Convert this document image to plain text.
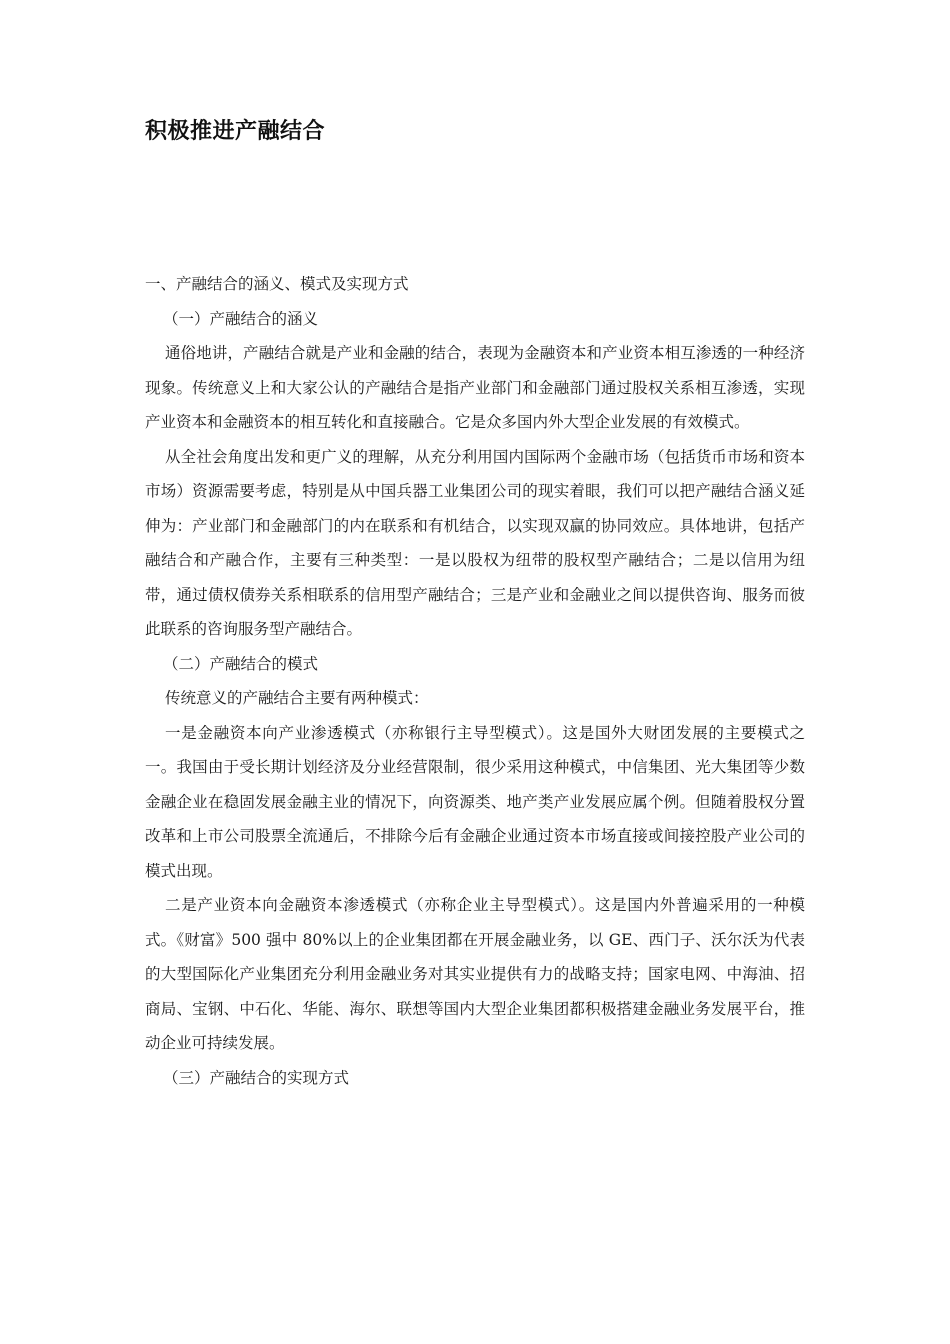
积极推进产融结合

一、产融结合的涵义、模式及实现方式

（一）产融结合的涵义

通俗地讲，产融结合就是产业和金融的结合，表现为金融资本和产业资本相互渗透的一种经济现象。传统意义上和大家公认的产融结合是指产业部门和金融部门通过股权关系相互渗透，实现产业资本和金融资本的相互转化和直接融合。它是众多国内外大型企业发展的有效模式。

从全社会角度出发和更广义的理解，从充分利用国内国际两个金融市场（包括货币市场和资本市场）资源需要考虑，特别是从中国兵器工业集团公司的现实着眼，我们可以把产融结合涵义延伸为：产业部门和金融部门的内在联系和有机结合，以实现双赢的协同效应。具体地讲，包括产融结合和产融合作，主要有三种类型：一是以股权为纽带的股权型产融结合；二是以信用为纽带，通过债权债券关系相联系的信用型产融结合；三是产业和金融业之间以提供咨询、服务而彼此联系的咨询服务型产融结合。

（二）产融结合的模式

传统意义的产融结合主要有两种模式：

一是金融资本向产业渗透模式（亦称银行主导型模式）。这是国外大财团发展的主要模式之一。我国由于受长期计划经济及分业经营限制，很少采用这种模式，中信集团、光大集团等少数金融企业在稳固发展金融主业的情况下，向资源类、地产类产业发展应属个例。但随着股权分置改革和上市公司股票全流通后，不排除今后有金融企业通过资本市场直接或间接控股产业公司的模式出现。

二是产业资本向金融资本渗透模式（亦称企业主导型模式）。这是国内外普遍采用的一种模式。《财富》500 强中 80%以上的企业集团都在开展金融业务，以 GE、西门子、沃尔沃为代表的大型国际化产业集团充分利用金融业务对其实业提供有力的战略支持；国家电网、中海油、招商局、宝钢、中石化、华能、海尔、联想等国内大型企业集团都积极搭建金融业务发展平台，推动企业可持续发展。

（三）产融结合的实现方式
